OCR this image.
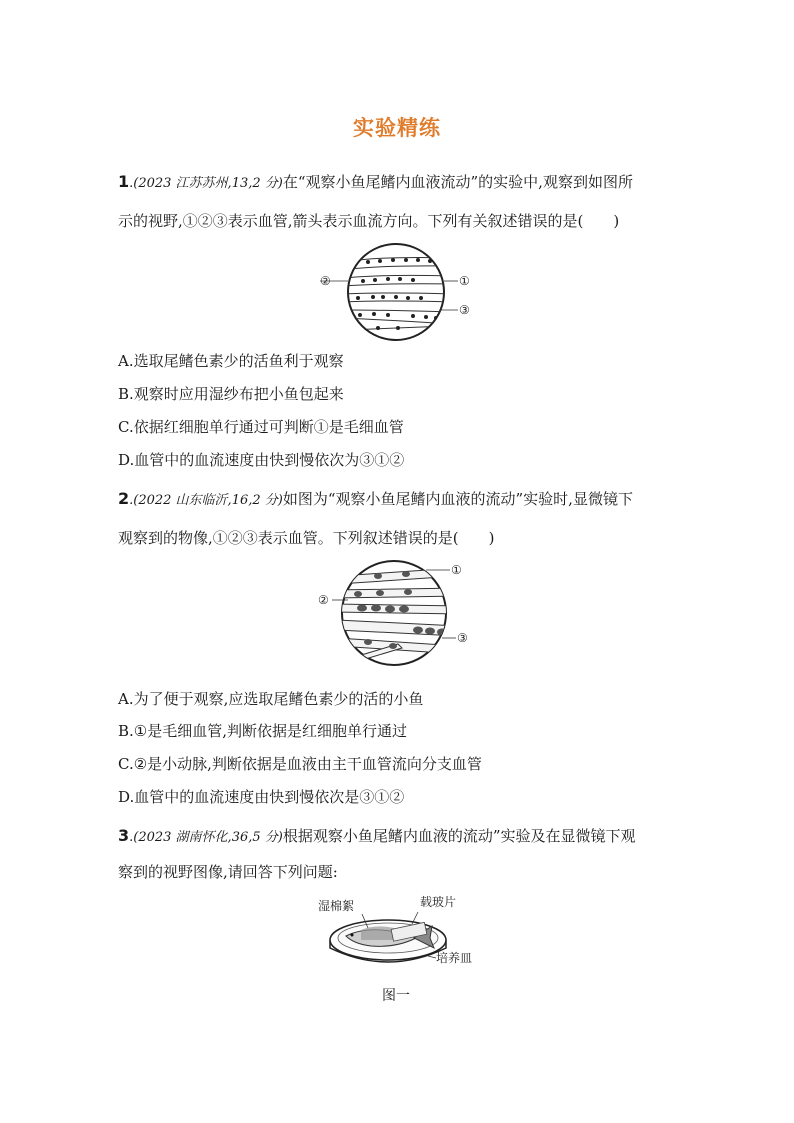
实验精练
1.(2023 江苏苏州,13,2 分)在“观察小鱼尾鳍内血液流动”的实验中,观察到如图所
示的视野,①②③表示血管,箭头表示血流方向。下列有关叙述错误的是(　　)
②	①
③
A.选取尾鳍色素少的活鱼利于观察
B.观察时应用湿纱布把小鱼包起来
C.依据红细胞单行通过可判断①是毛细血管
D.血管中的血流速度由快到慢依次为③①②
2.(2022 山东临沂,16,2 分)如图为“观察小鱼尾鳍内血液的流动”实验时,显微镜下
观察到的物像,①②③表示血管。下列叙述错误的是(　　)
①
②
③
A.为了便于观察,应选取尾鳍色素少的活的小鱼
B.①是毛细血管,判断依据是红细胞单行通过
C.②是小动脉,判断依据是血液由主干血管流向分支血管
D.血管中的血流速度由快到慢依次是③①②
3.(2023 湖南怀化,36,5 分)根据观察小鱼尾鳍内血液的流动”实验及在显微镜下观
察到的视野图像,请回答下列问题:
湿棉絮	载玻片
培养皿
图一
